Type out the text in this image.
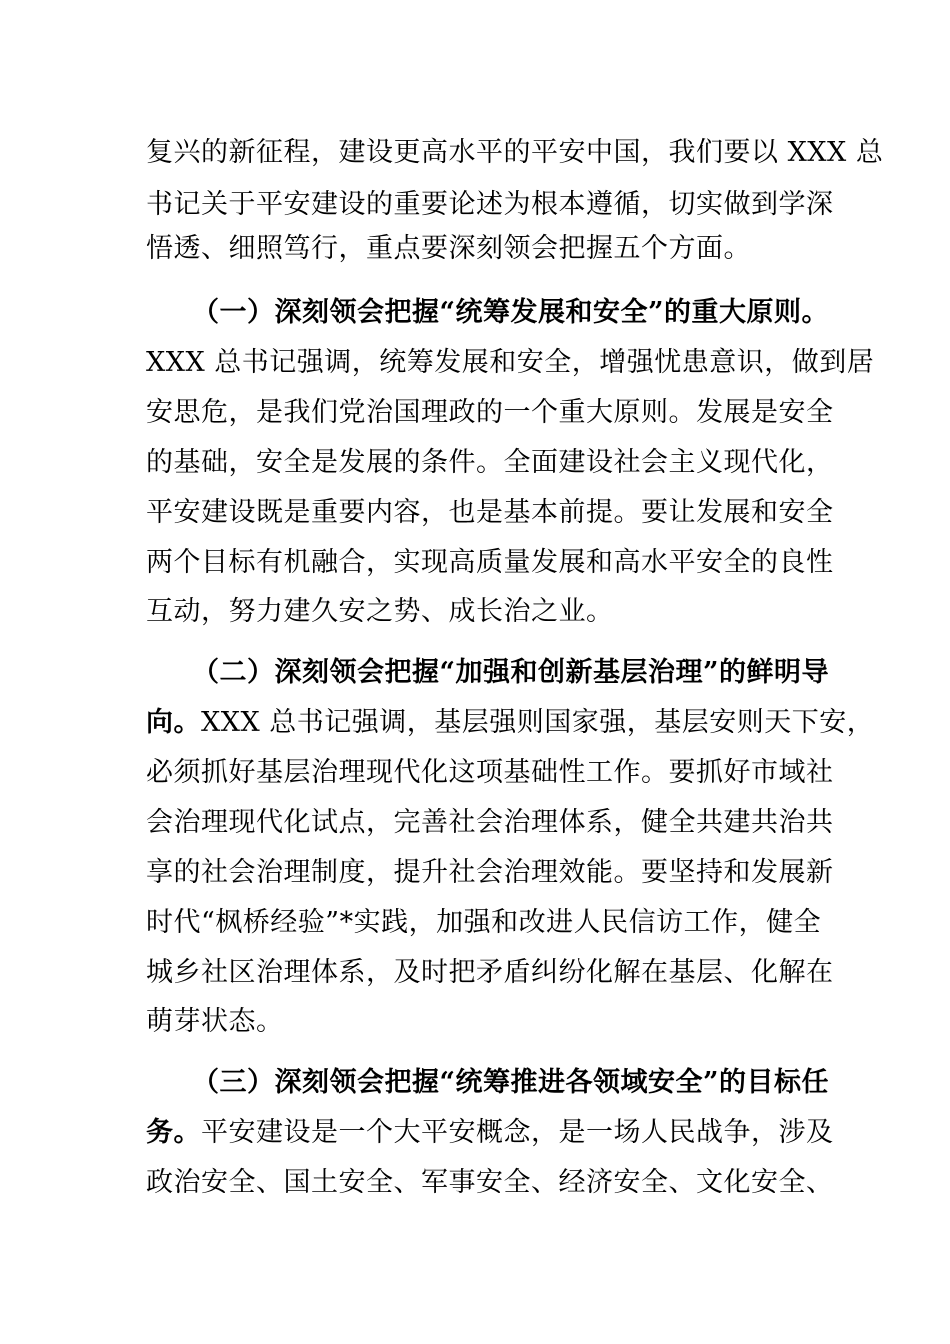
复兴的新征程，建设更高水平的平安中国，我们要以 XXX 总
书记关于平安建设的重要论述为根本遵循，切实做到学深
悟透、细照笃行，重点要深刻领会把握五个方面。
（一）深刻领会把握“统筹发展和安全”的重大原则。
XXX 总书记强调，统筹发展和安全，增强忧患意识，做到居
安思危，是我们党治国理政的一个重大原则。发展是安全
的基础，安全是发展的条件。全面建设社会主义现代化，
平安建设既是重要内容，也是基本前提。要让发展和安全
两个目标有机融合，实现高质量发展和高水平安全的良性
互动，努力建久安之势、成长治之业。
（二）深刻领会把握“加强和创新基层治理”的鲜明导
向。XXX 总书记强调，基层强则国家强，基层安则天下安，
必须抓好基层治理现代化这项基础性工作。要抓好市域社
会治理现代化试点，完善社会治理体系，健全共建共治共
享的社会治理制度，提升社会治理效能。要坚持和发展新
时代“枫桥经验”*实践，加强和改进人民信访工作，健全
城乡社区治理体系，及时把矛盾纠纷化解在基层、化解在
萌芽状态。
（三）深刻领会把握“统筹推进各领域安全”的目标任
务。平安建设是一个大平安概念，是一场人民战争，涉及
政治安全、国土安全、军事安全、经济安全、文化安全、
